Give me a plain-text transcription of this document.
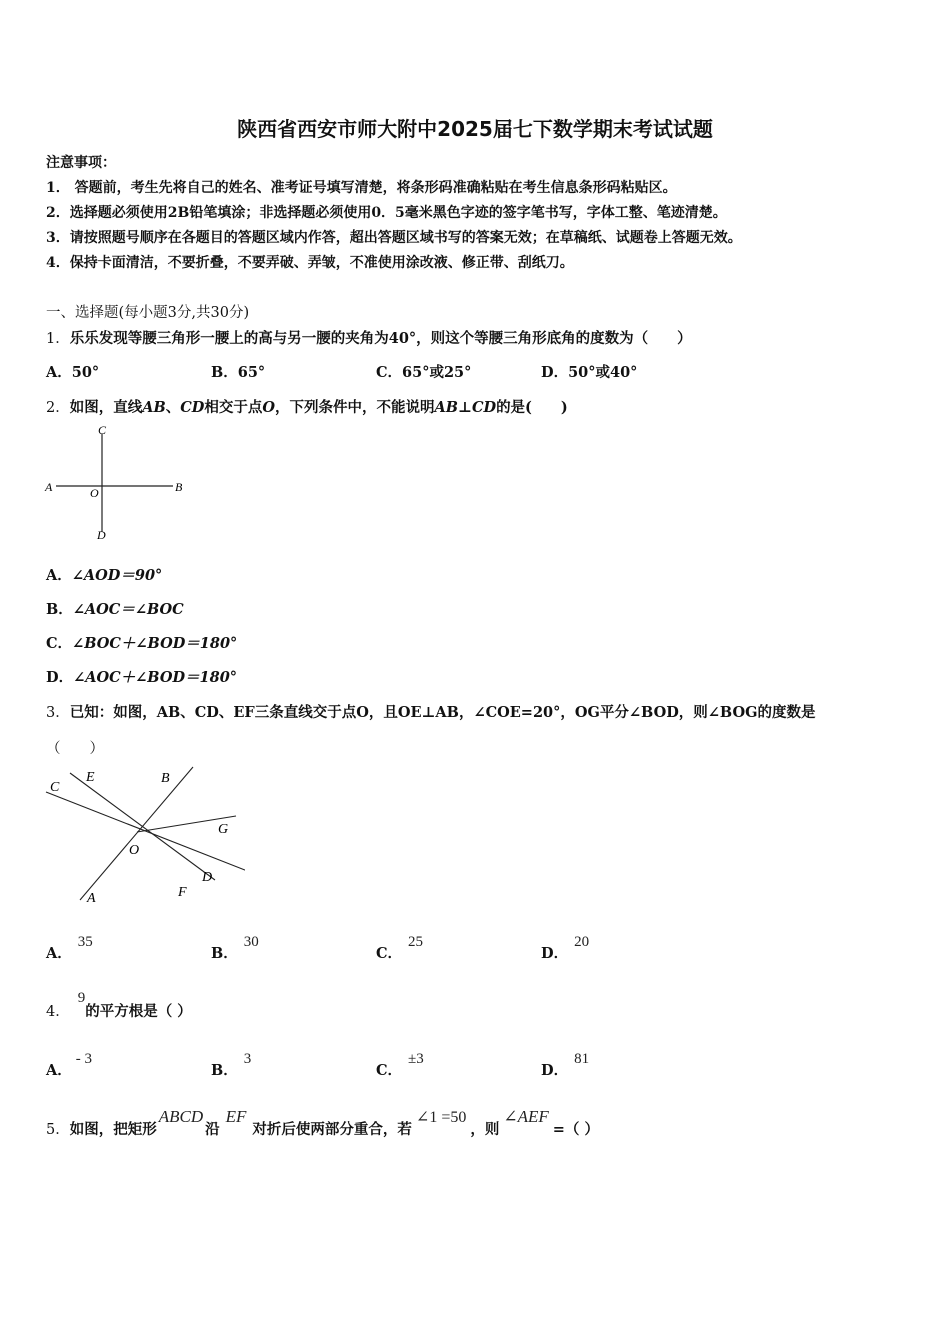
陕西省西安市师大附中2025届七下数学期末考试试题
注意事项：
1． 答题前，考生先将自己的姓名、准考证号填写清楚，将条形码准确粘贴在考生信息条形码粘贴区。
2．选择题必须使用2B铅笔填涂；非选择题必须使用0．5毫米黑色字迹的签字笔书写，字体工整、笔迹清楚。
3．请按照题号顺序在各题目的答题区域内作答，超出答题区域书写的答案无效；在草稿纸、试题卷上答题无效。
4．保持卡面清洁，不要折叠，不要弄破、弄皱，不准使用涂改液、修正带、刮纸刀。
一、选择题(每小题3分,共30分)
1．乐乐发现等腰三角形一腰上的高与另一腰的夹角为40°，则这个等腰三角形底角的度数为（　　）
A．50°	B．65°	C．65°或25°	D．50°或40°
2．如图，直线AB、CD相交于点O，下列条件中，不能说明AB⊥CD的是(　　)
A	B
C
D
O
A．∠AOD＝90°
B．∠AOC＝∠BOC
C．∠BOC＋∠BOD＝180°
D．∠AOC＋∠BOD＝180°
3．已知：如图，AB、CD、EF三条直线交于点O，且OE⊥AB，∠COE=20°，OG平分∠BOD，则∠BOG的度数是
（　　）
C
E	B
G
O
D
F
A
A．35
B．30
C．25
D．20
4．9的平方根是（ ）
A．- 3
B．3
C．±3
D．81
5．如图，把矩形ABCD沿EF对折后使两部分重合，若∠1 =50，则∠AEF=（ ）
